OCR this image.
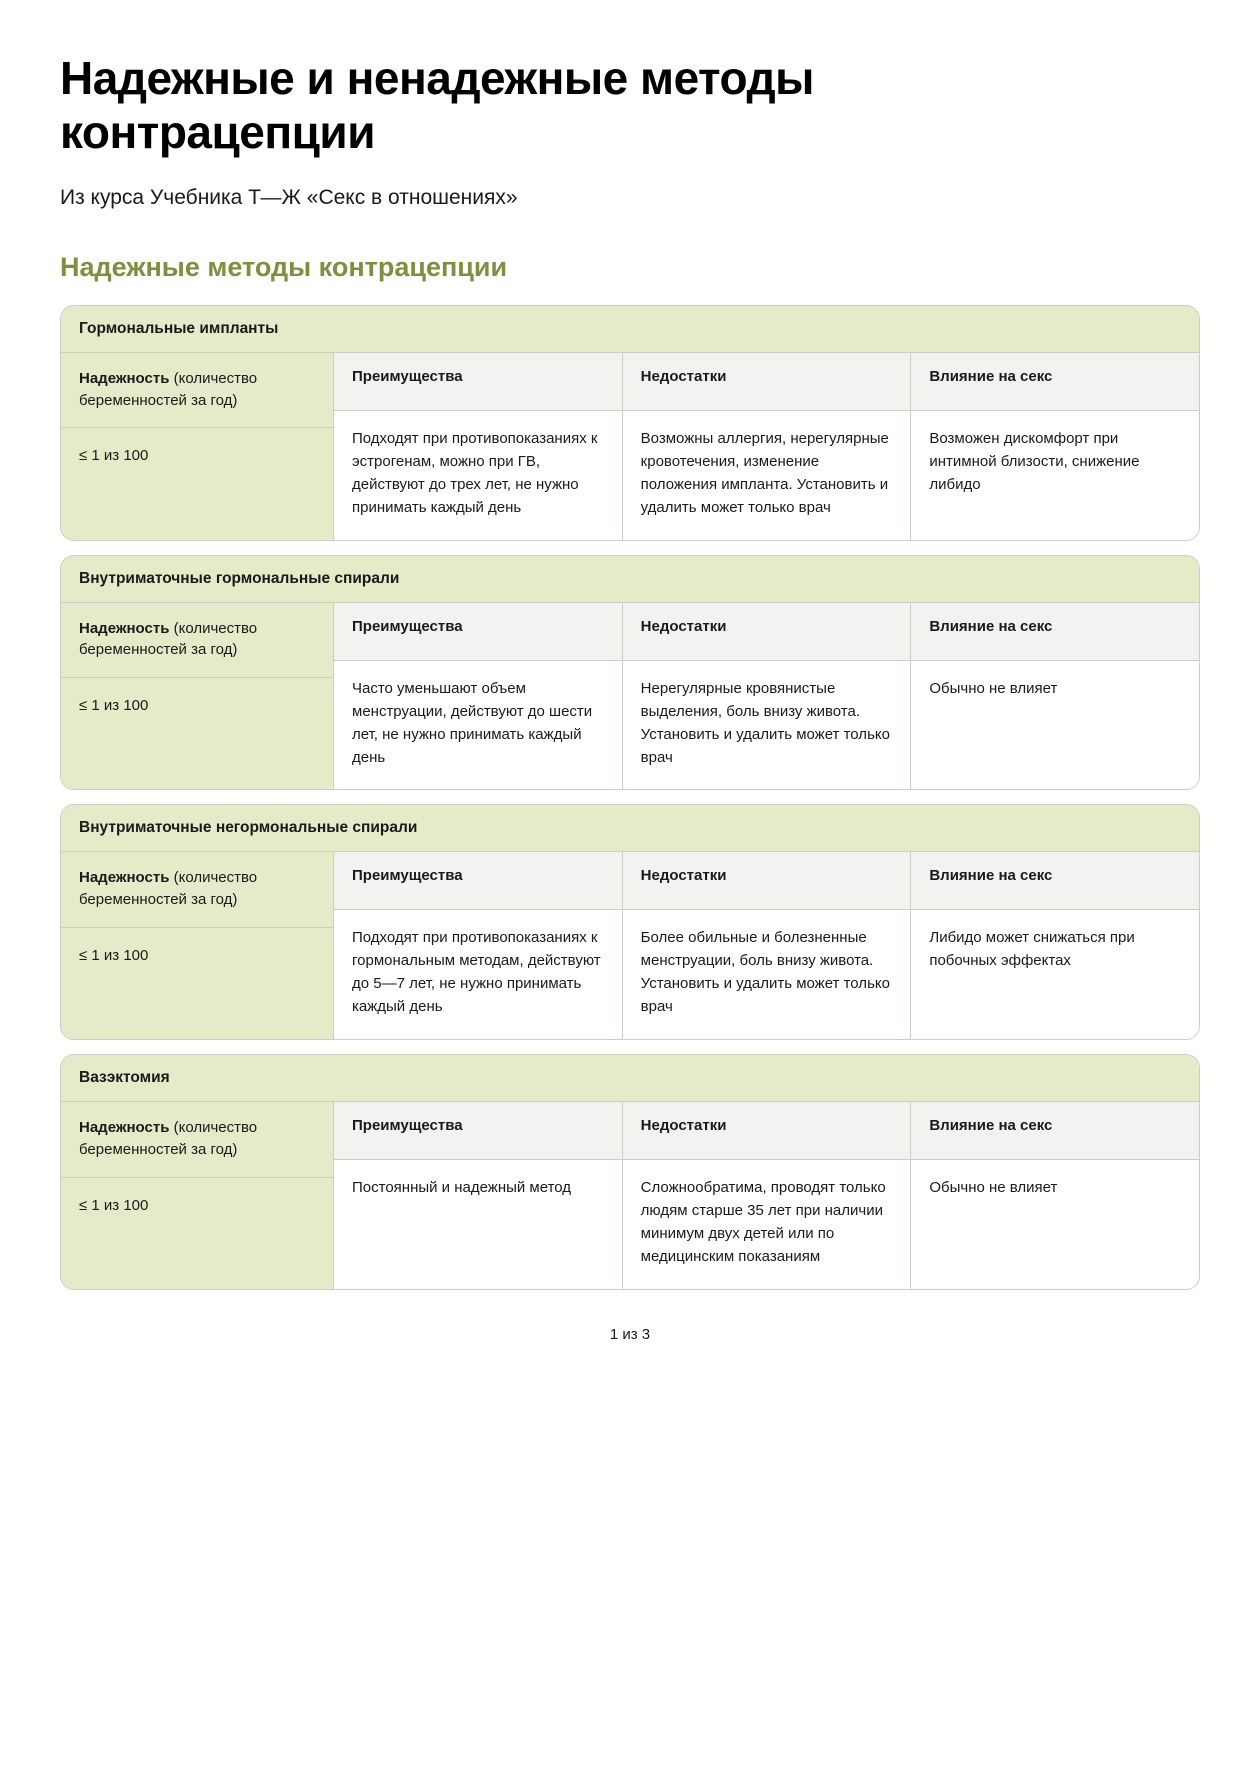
Надежные и ненадежные методы контрацепции

Из курса Учебника Т—Ж «Секс в отношениях»

Надежные методы контрацепции
Гормональные импланты
Надежность (количество беременностей за год)
≤ 1 из 100
Преимущества
Подходят при противопоказаниях к эстрогенам, можно при ГВ, действуют до трех лет, не нужно принимать каждый день
Недостатки
Возможны аллергия, нерегулярные кровотечения, изменение положения импланта. Установить и удалить может только врач
Влияние на секс
Возможен дискомфорт при интимной близости, снижение либидо
Внутриматочные гормональные спирали
Надежность (количество беременностей за год)
≤ 1 из 100
Преимущества
Часто уменьшают объем менструации, действуют до шести лет, не нужно принимать каждый день
Недостатки
Нерегулярные кровянистые выделения, боль внизу живота. Установить и удалить может только врач
Влияние на секс
Обычно не влияет
Внутриматочные негормональные спирали
Надежность (количество беременностей за год)
≤ 1 из 100
Преимущества
Подходят при противопоказаниях к гормональным методам, действуют до 5—7 лет, не нужно принимать каждый день
Недостатки
Более обильные и болезненные менструации, боль внизу живота. Установить и удалить может только врач
Влияние на секс
Либидо может снижаться при побочных эффектах
Вазэктомия
Надежность (количество беременностей за год)
≤ 1 из 100
Преимущества
Постоянный и надежный метод
Недостатки
Сложнообратима, проводят только людям старше 35 лет при наличии минимум двух детей или по медицинским показаниям
Влияние на секс
Обычно не влияет
1 из 3
